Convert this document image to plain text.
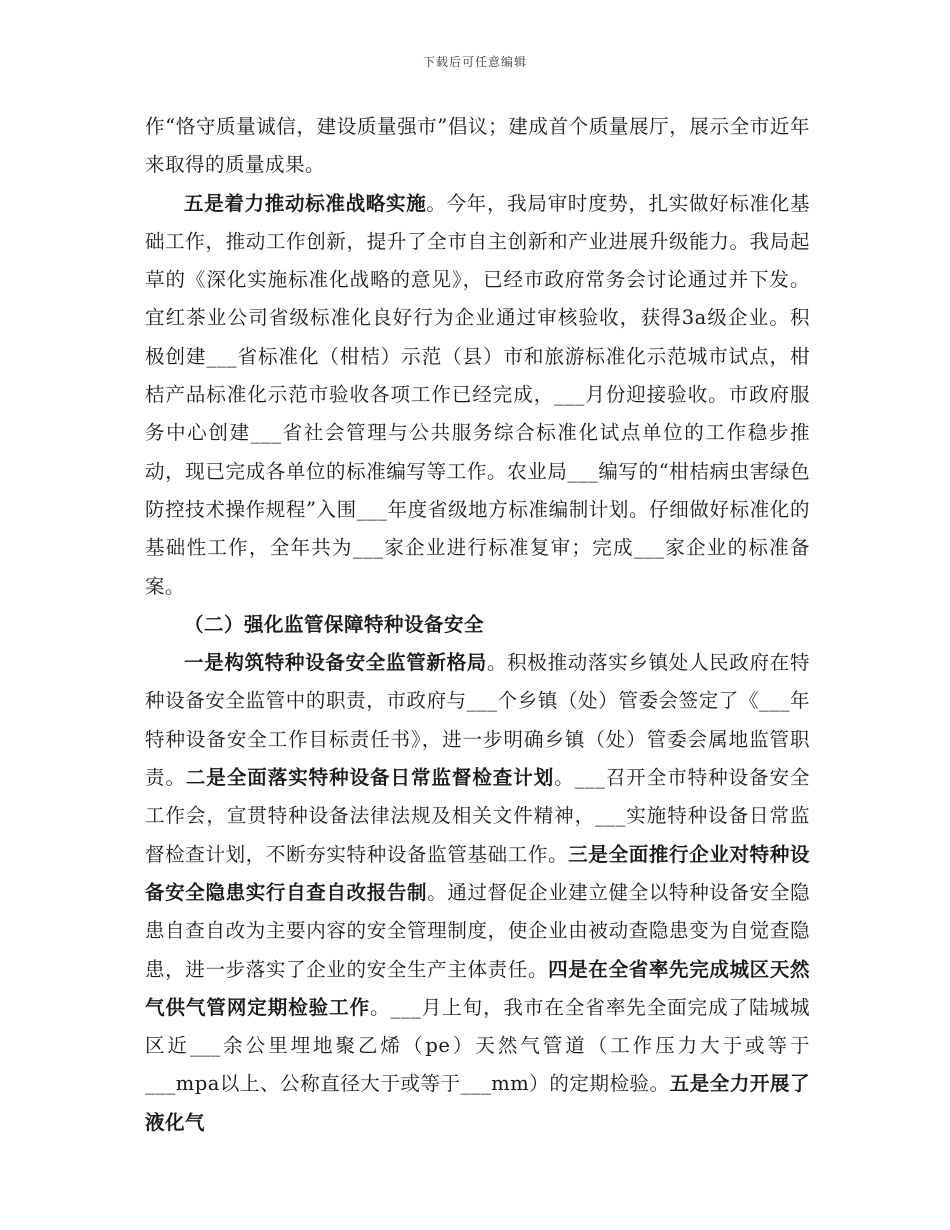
下载后可任意编辑

作“恪守质量诚信，建设质量强市”倡议；建成首个质量展厅，展示全市近年来取得的质量成果。

五是着力推动标准战略实施。今年，我局审时度势，扎实做好标准化基础工作，推动工作创新，提升了全市自主创新和产业进展升级能力。我局起草的《深化实施标准化战略的意见》，已经市政府常务会讨论通过并下发。宜红茶业公司省级标准化良好行为企业通过审核验收，获得3a级企业。积极创建___省标准化（柑桔）示范（县）市和旅游标准化示范城市试点，柑桔产品标准化示范市验收各项工作已经完成，___月份迎接验收。市政府服务中心创建___省社会管理与公共服务综合标准化试点单位的工作稳步推动，现已完成各单位的标准编写等工作。农业局___编写的“柑桔病虫害绿色防控技术操作规程”入围___年度省级地方标准编制计划。仔细做好标准化的基础性工作，全年共为___家企业进行标准复审；完成___家企业的标准备案。

（二）强化监管保障特种设备安全

一是构筑特种设备安全监管新格局。积极推动落实乡镇处人民政府在特种设备安全监管中的职责，市政府与___个乡镇（处）管委会签定了《___年特种设备安全工作目标责任书》，进一步明确乡镇（处）管委会属地监管职责。二是全面落实特种设备日常监督检查计划。___召开全市特种设备安全工作会，宣贯特种设备法律法规及相关文件精神，___实施特种设备日常监督检查计划，不断夯实特种设备监管基础工作。三是全面推行企业对特种设备安全隐患实行自查自改报告制。通过督促企业建立健全以特种设备安全隐患自查自改为主要内容的安全管理制度，使企业由被动查隐患变为自觉查隐患，进一步落实了企业的安全生产主体责任。四是在全省率先完成城区天然气供气管网定期检验工作。___月上旬，我市在全省率先全面完成了陆城城区近___余公里埋地聚乙烯（pe）天然气管道（工作压力大于或等于___mpa以上、公称直径大于或等于___mm）的定期检验。五是全力开展了液化气
